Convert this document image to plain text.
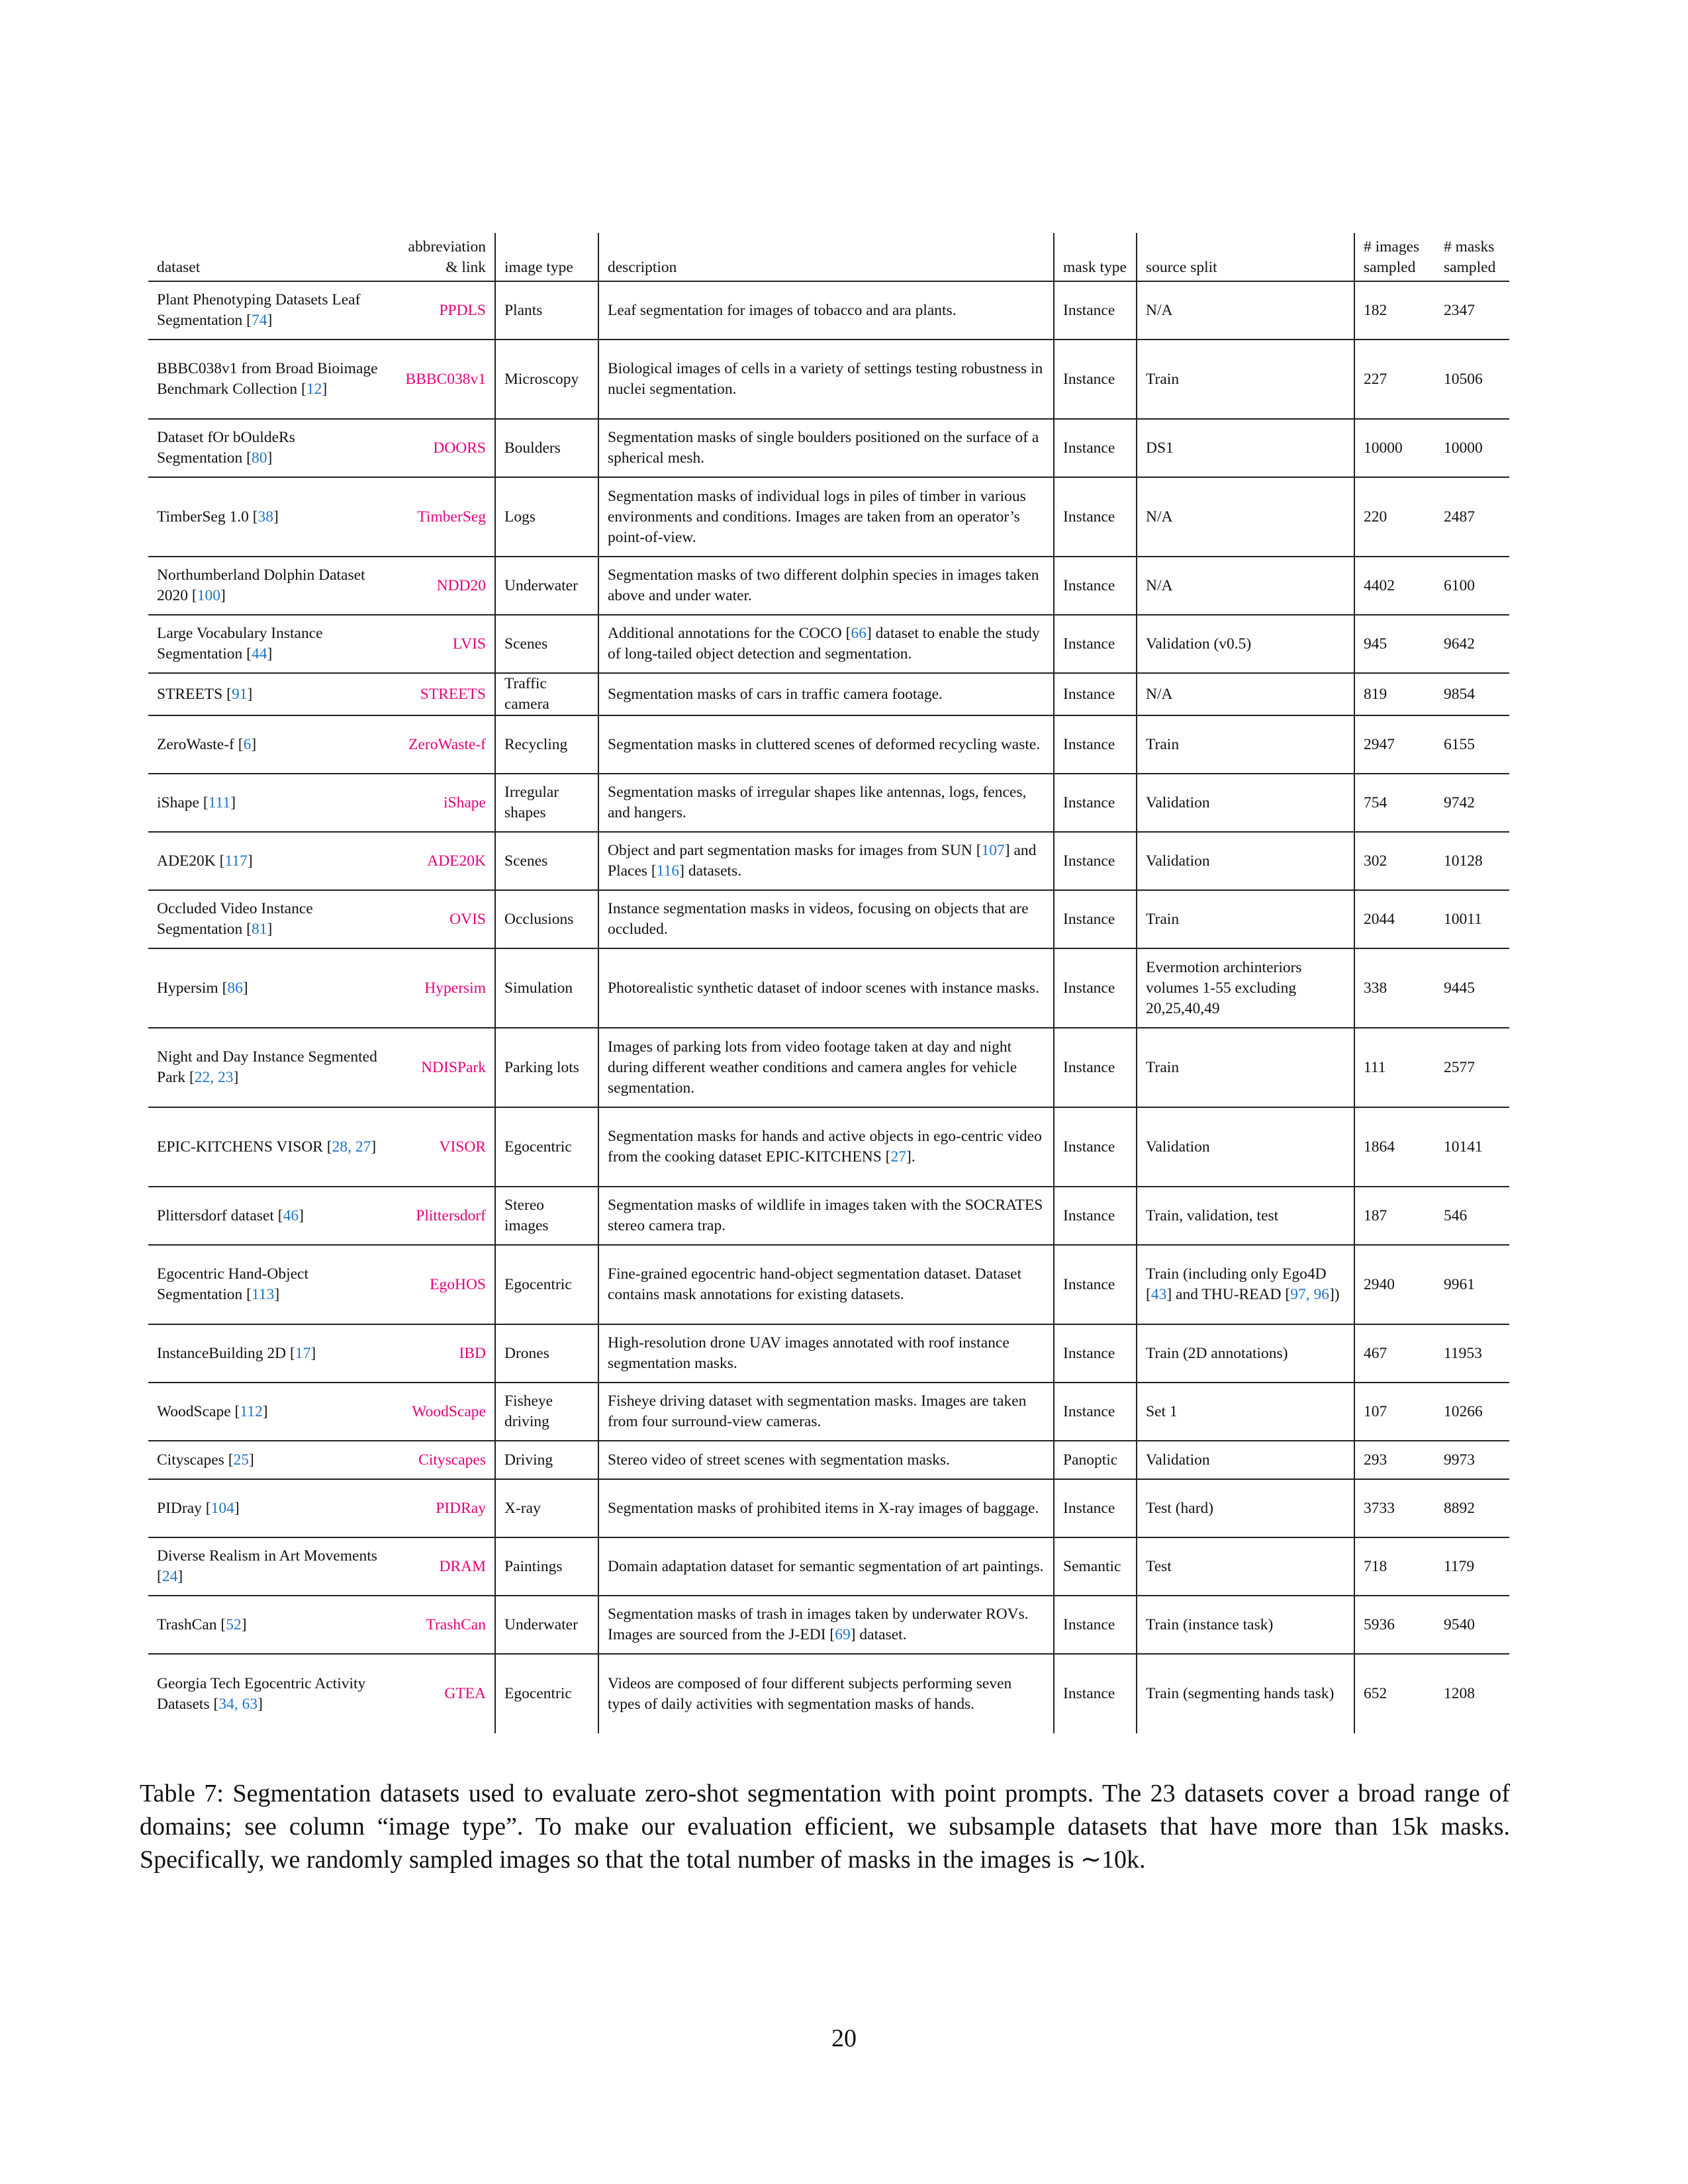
dataset	abbreviation & link	image type	description	mask type	source split	# images sampled	# masks sampled
Plant Phenotyping Datasets Leaf Segmentation [74]	PPDLS	Plants	Leaf segmentation for images of tobacco and ara plants.	Instance	N/A	182	2347
BBBC038v1 from Broad Bioimage Benchmark Collection [12]	BBBC038v1	Microscopy	Biological images of cells in a variety of settings testing robustness in nuclei segmentation.	Instance	Train	227	10506
Dataset fOr bOuldeRs Segmentation [80]	DOORS	Boulders	Segmentation masks of single boulders positioned on the surface of a spherical mesh.	Instance	DS1	10000	10000
TimberSeg 1.0 [38]	TimberSeg	Logs	Segmentation masks of individual logs in piles of timber in various environments and conditions. Images are taken from an operator’s point-of-view.	Instance	N/A	220	2487
Northumberland Dolphin Dataset 2020 [100]	NDD20	Underwater	Segmentation masks of two different dolphin species in images taken above and under water.	Instance	N/A	4402	6100
Large Vocabulary Instance Segmentation [44]	LVIS	Scenes	Additional annotations for the COCO [66] dataset to enable the study of long-tailed object detection and segmentation.	Instance	Validation (v0.5)	945	9642
STREETS [91]	STREETS	Traffic camera	Segmentation masks of cars in traffic camera footage.	Instance	N/A	819	9854
ZeroWaste-f [6]	ZeroWaste-f	Recycling	Segmentation masks in cluttered scenes of deformed recycling waste.	Instance	Train	2947	6155
iShape [111]	iShape	Irregular shapes	Segmentation masks of irregular shapes like antennas, logs, fences, and hangers.	Instance	Validation	754	9742
ADE20K [117]	ADE20K	Scenes	Object and part segmentation masks for images from SUN [107] and Places [116] datasets.	Instance	Validation	302	10128
Occluded Video Instance Segmentation [81]	OVIS	Occlusions	Instance segmentation masks in videos, focusing on objects that are occluded.	Instance	Train	2044	10011
Hypersim [86]	Hypersim	Simulation	Photorealistic synthetic dataset of indoor scenes with instance masks.	Instance	Evermotion archinteriors volumes 1-55 excluding 20,25,40,49	338	9445
Night and Day Instance Segmented Park [22, 23]	NDISPark	Parking lots	Images of parking lots from video footage taken at day and night during different weather conditions and camera angles for vehicle segmentation.	Instance	Train	111	2577
EPIC-KITCHENS VISOR [28, 27]	VISOR	Egocentric	Segmentation masks for hands and active objects in ego-centric video from the cooking dataset EPIC-KITCHENS [27].	Instance	Validation	1864	10141
Plittersdorf dataset [46]	Plittersdorf	Stereo images	Segmentation masks of wildlife in images taken with the SOCRATES stereo camera trap.	Instance	Train, validation, test	187	546
Egocentric Hand-Object Segmentation [113]	EgoHOS	Egocentric	Fine-grained egocentric hand-object segmentation dataset. Dataset contains mask annotations for existing datasets.	Instance	Train (including only Ego4D [43] and THU-READ [97, 96])	2940	9961
InstanceBuilding 2D [17]	IBD	Drones	High-resolution drone UAV images annotated with roof instance segmentation masks.	Instance	Train (2D annotations)	467	11953
WoodScape [112]	WoodScape	Fisheye driving	Fisheye driving dataset with segmentation masks. Images are taken from four surround-view cameras.	Instance	Set 1	107	10266
Cityscapes [25]	Cityscapes	Driving	Stereo video of street scenes with segmentation masks.	Panoptic	Validation	293	9973
PIDray [104]	PIDRay	X-ray	Segmentation masks of prohibited items in X-ray images of baggage.	Instance	Test (hard)	3733	8892
Diverse Realism in Art Movements [24]	DRAM	Paintings	Domain adaptation dataset for semantic segmentation of art paintings.	Semantic	Test	718	1179
TrashCan [52]	TrashCan	Underwater	Segmentation masks of trash in images taken by underwater ROVs. Images are sourced from the J-EDI [69] dataset.	Instance	Train (instance task)	5936	9540
Georgia Tech Egocentric Activity Datasets [34, 63]	GTEA	Egocentric	Videos are composed of four different subjects performing seven types of daily activities with segmentation masks of hands.	Instance	Train (segmenting hands task)	652	1208
Table 7: Segmentation datasets used to evaluate zero-shot segmentation with point prompts. The 23 datasets cover a broad range of domains; see column “image type”. To make our evaluation efficient, we subsample datasets that have more than 15k masks. Specifically, we randomly sampled images so that the total number of masks in the images is ∼10k.
20
